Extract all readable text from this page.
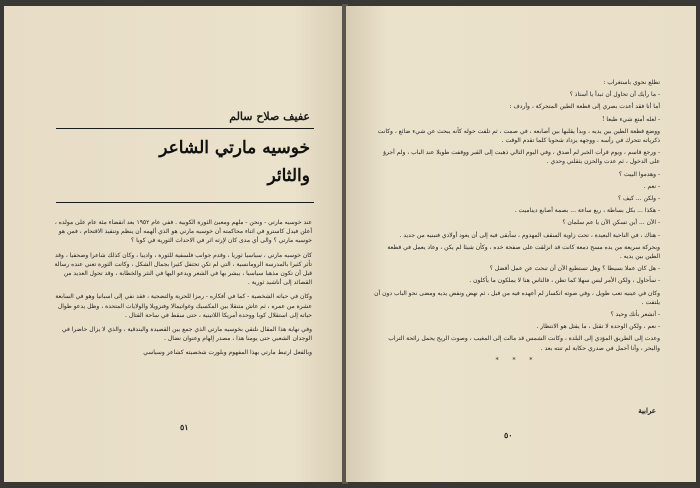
عفيف صلاح سالم
خوسيه مارتي الشاعر
والثائر

عند خوسيه مارتي - ونحن - ملهم ومعبئ الثورة الكوبية . ففي عام ١٩٥٢ بعد انقضاء مئة عام على مولده ، أعلن فيدل كاسترو في اثناء محاكمته أن خوسيه مارتي هو الذي ألهمه أن ينظم وتنفيذ الاقتحام ، فمن هو خوسيه مارتي ؟ والى أي مدى كان لإرثه اثر في الاحداث الثورية في كوبا ؟

كان خوسيه مارتي ، سياسيا ثوريا ، وقدم جوانب فلسفية للثورة ، واديبا ، وكان كذلك شاعرا وصحفيا ، وقد تأثر كثيرا بالمدرسة الرومانسية ، التي لم تكن تحتفل كثيرا بجمال الشكل ، وكانت الثورة تعني عنده رسالة قبل أن تكون مذهبا سياسيا ، يبشر بها في الشعر ويدعو اليها في النثر والخطابة ، وقد تحول العديد من القصائد إلى أناشيد ثورية .

وكان في حياته الشخصية - كما في أفكاره - رمزا للحرية والتضحية ، فقد نفي إلى اسبانيا وهو في السابعة عشرة من عمره ، ثم عاش متنقلا بين المكسيك وغواتيمالا وفنزويلا والولايات المتحدة ، وظل يدعو طوال حياته إلى استقلال كوبا ووحدة أمريكا اللاتينية ، حتى سقط في ساحة القتال .

وفي نهاية هذا المقال نلتقي بخوسيه مارتي الذي جمع بين القصيدة والبندقية ، والذي لا يزال حاضرا في الوجدان الشعبي حتى يومنا هذا ، مصدر إلهام وعنوان نضال .

وبالفعل ارتبط مارتي بهذا المفهوم وبلورت شخصيته كشاعر وسياسي

٥١

تطلع نحوي باستغراب :

- ما رأيك أن تحاول أن تبدأ يا أستاذ ؟

أما أنا فقد أعدت بصري إلى قطعة الطين المتحركة ، وأردف :

- لعله أمتع شيء طبعا !

ووضع قطعة الطين بين يديه ، وبدأ يقلبها بين أصابعه ، في صمت ، ثم تلفت حوله كأنه يبحث عن شيء ضائع ، وكانت ذكرياته تتحرك في رأسه ، ووجهه يزداد شحوبا كلما تقدم الوقت .

- ورجع قاسم ، ويوم قرأت الخبر لم أصدق ، وفي اليوم التالي ذهبت إلى القبر ووقفت طويلا عند الباب ، ولم أجرؤ على الدخول ، ثم عدت والحزن يثقلني وحدي .

- وهدموا البيت ؟

- نعم .

- ولكن ... كيف ؟

- هكذا ... بكل بساطة ، ربع ساعة ... بصمة أصابع ديناميت .

- الآن ... أين تسكن الآن يا عم سلمان ؟

- هناك ، في الناحية البعيدة ، تحت زاوية السقف المهدوم ، سأبقى فيه إلى أن يعود أولادي فنبنيه من جديد .

وبحركة سريعة من يده مسح دمعة كانت قد انزلقت على صفحة خده ، وكأن شيئا لم يكن ، وعاد يعمل في قطعة الطين بين يديه .

- هل كان عملا بسيطا ؟ وهل تستطيع الآن أن تبحث عن عمل أفضل ؟

- سأحاول ، ولكن الأمر ليس سهلا كما تظن ، فالناس هنا لا يملكون ما يأكلون .

وكان في عينيه تعب طويل ، وفي صوته انكسار لم أعهده فيه من قبل ، ثم نهض ونفض يديه ومضى نحو الباب دون أن يلتفت .

- أتشعر بأنك وحيد ؟

- نعم ، ولكن الوحدة لا تقتل ، ما يقتل هو الانتظار .

وعدت إلى الطريق المؤدي إلى البلدة ، وكانت الشمس قد مالت إلى المغيب ، وصوت الريح يحمل رائحة التراب والبحر ، وأنا أحمل في صدري حكاية لم تنته بعد .

* * *

عرابية
٥٠
